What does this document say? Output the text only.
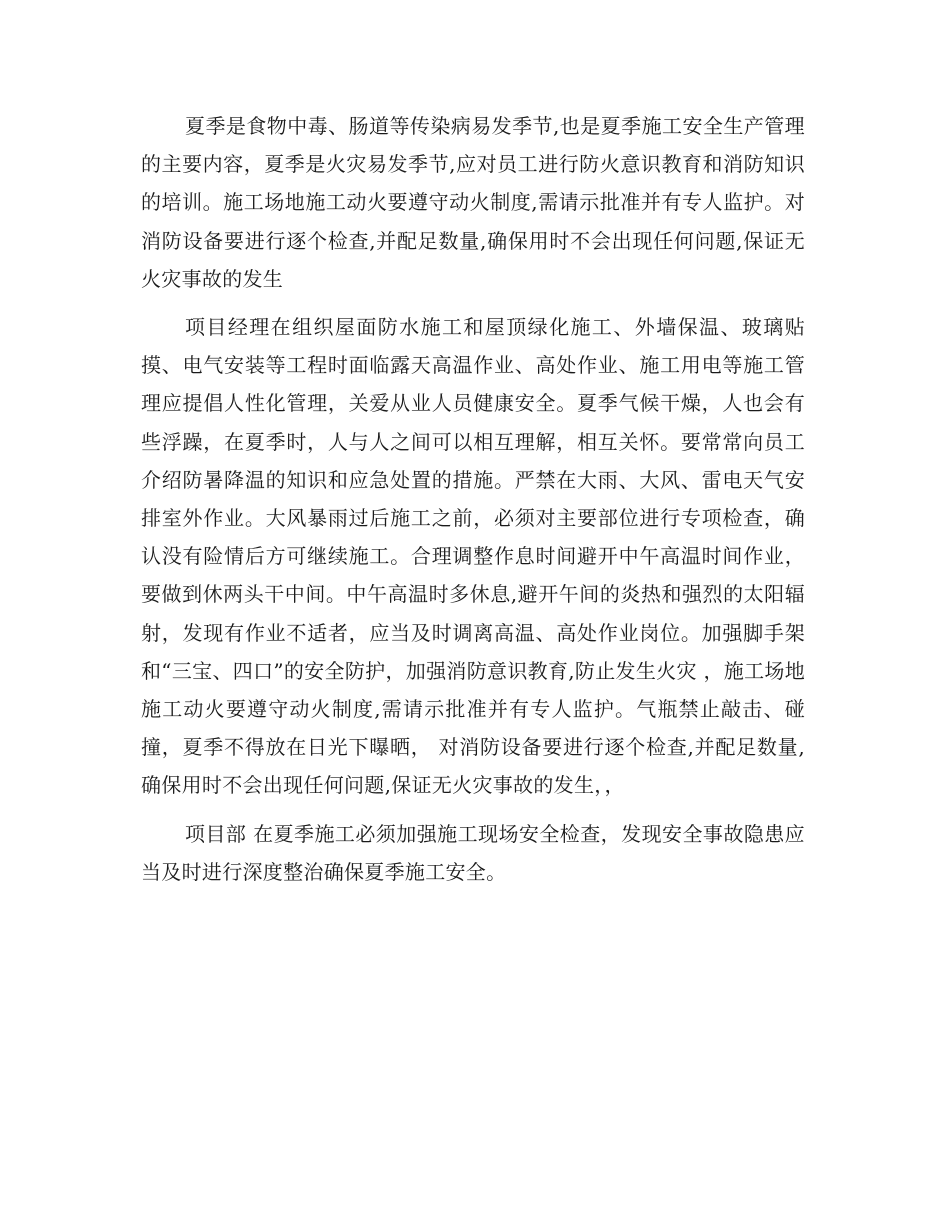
夏季是食物中毒、肠道等传染病易发季节,也是夏季施工安全生产管理的主要内容，夏季是火灾易发季节,应对员工进行防火意识教育和消防知识的培训。施工场地施工动火要遵守动火制度,需请示批准并有专人监护。对消防设备要进行逐个检查,并配足数量,确保用时不会出现任何问题,保证无火灾事故的发生

项目经理在组织屋面防水施工和屋顶绿化施工、外墙保温、玻璃贴摸、电气安装等工程时面临露天高温作业、高处作业、施工用电等施工管理应提倡人性化管理，关爱从业人员健康安全。夏季气候干燥，人也会有些浮躁，在夏季时，人与人之间可以相互理解，相互关怀。要常常向员工介绍防暑降温的知识和应急处置的措施。严禁在大雨、大风、雷电天气安排室外作业。大风暴雨过后施工之前，必须对主要部位进行专项检查，确认没有险情后方可继续施工。合理调整作息时间避开中午高温时间作业，要做到休两头干中间。中午高温时多休息,避开午间的炎热和强烈的太阳辐射，发现有作业不适者，应当及时调离高温、高处作业岗位。加强脚手架和“三宝、四口”的安全防护，加强消防意识教育,防止发生火灾 ，施工场地施工动火要遵守动火制度,需请示批准并有专人监护。气瓶禁止敲击、碰撞，夏季不得放在日光下曝晒， 对消防设备要进行逐个检查,并配足数量,确保用时不会出现任何问题,保证无火灾事故的发生，，

项目部 在夏季施工必须加强施工现场安全检查，发现安全事故隐患应当及时进行深度整治确保夏季施工安全。
